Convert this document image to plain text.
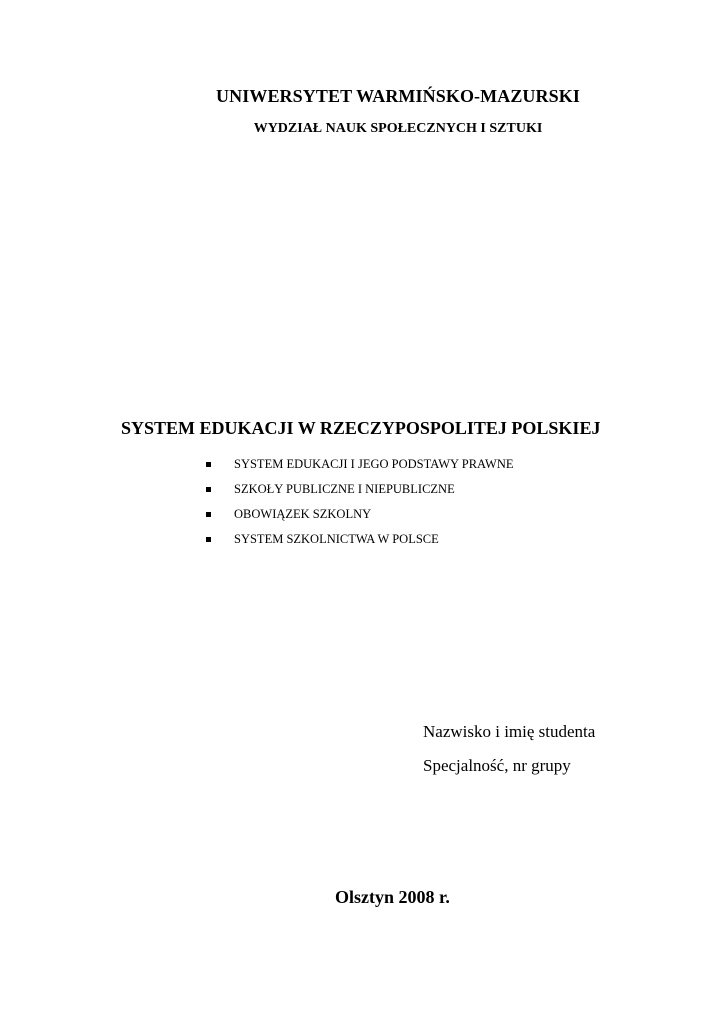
UNIWERSYTET WARMIŃSKO-MAZURSKI
WYDZIAŁ NAUK SPOŁECZNYCH I SZTUKI
SYSTEM EDUKACJI W RZECZYPOSPOLITEJ POLSKIEJ
SYSTEM EDUKACJI I JEGO PODSTAWY PRAWNE
SZKOŁY PUBLICZNE I NIEPUBLICZNE
OBOWIĄZEK SZKOLNY
SYSTEM SZKOLNICTWA W POLSCE
Nazwisko i imię studenta
Specjalność, nr grupy
Olsztyn 2008 r.
